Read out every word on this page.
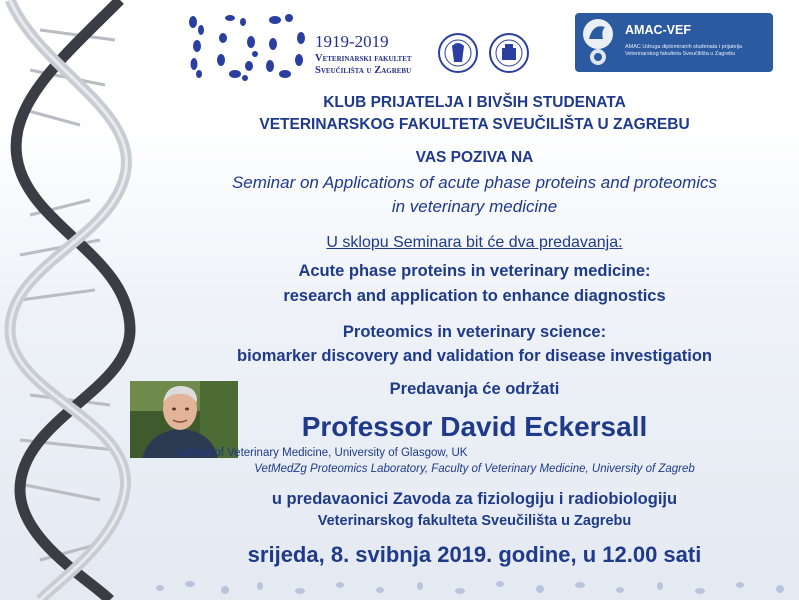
1919-2019
Veterinarski fakultet
Sveučilišta u Zagrebu
AMAC-VEF
AMAC Udruga diplomiranih studenata i prijatelja Veterinarskog fakulteta Sveučilišta u Zagrebu
KLUB PRIJATELJA I BIVŠIH STUDENATA
VETERINARSKOG FAKULTETA SVEUČILIŠTA U ZAGREBU
VAS POZIVA NA
Seminar on Applications of acute phase proteins and proteomics
in veterinary medicine
U sklopu Seminara bit će dva predavanja:
Acute phase proteins in veterinary medicine:
research and application to enhance diagnostics
Proteomics in veterinary science:
biomarker discovery and validation for disease investigation
Predavanja će održati
Professor David Eckersall
School of Veterinary Medicine, University of Glasgow, UK
VetMedZg Proteomics Laboratory, Faculty of Veterinary Medicine, University of Zagreb
u predavaonici Zavoda za fiziologiju i radiobiologiju
Veterinarskog fakulteta Sveučilišta u Zagrebu
srijeda, 8. svibnja 2019. godine, u 12.00 sati
